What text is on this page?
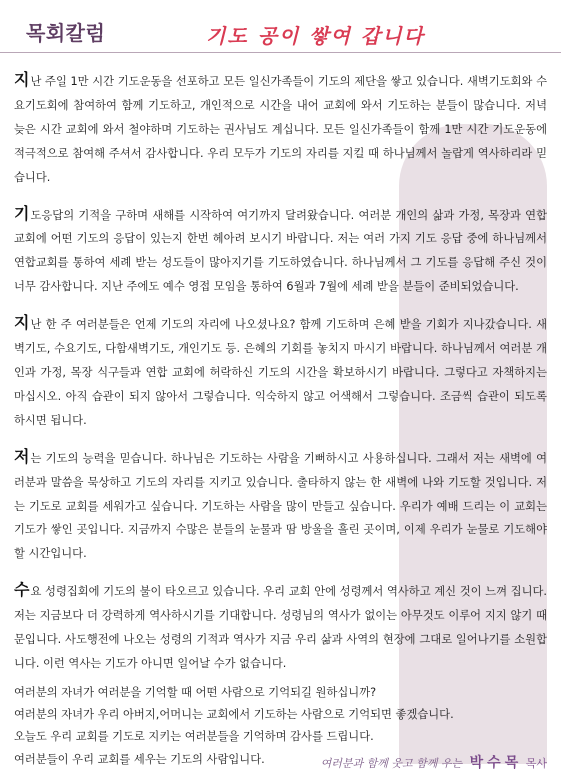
목회칼럼	기도 공이 쌓여 갑니다

지난 주일 1만 시간 기도운동을 선포하고 모든 일신가족들이 기도의 제단을 쌓고 있습니다. 새벽기도회와 수요기도회에 참여하여 함께 기도하고, 개인적으로 시간을 내어 교회에 와서 기도하는 분들이 많습니다. 저녁 늦은 시간 교회에 와서 철야하며 기도하는 권사님도 계십니다. 모든 일신가족들이 함께 1만 시간 기도운동에 적극적으로 참여해 주셔서 감사합니다. 우리 모두가 기도의 자리를 지킬 때 하나님께서 놀랍게 역사하리라 믿습니다.

기도응답의 기적을 구하며 새해를 시작하여 여기까지 달려왔습니다. 여러분 개인의 삶과 가정, 목장과 연합 교회에 어떤 기도의 응답이 있는지 한번 헤아려 보시기 바랍니다. 저는 여러 가지 기도 응답 중에 하나님께서 연합교회를 통하여 세례 받는 성도들이 많아지기를 기도하였습니다. 하나님께서 그 기도를 응답해 주신 것이 너무 감사합니다. 지난 주에도 예수 영접 모임을 통하여 6월과 7월에 세례 받을 분들이 준비되었습니다.

지난 한 주 여러분들은 언제 기도의 자리에 나오셨나요? 함께 기도하며 은혜 받을 기회가 지나갔습니다. 새벽기도, 수요기도, 다함새벽기도, 개인기도 등. 은혜의 기회를 놓치지 마시기 바랍니다. 하나님께서 여러분 개인과 가정, 목장 식구들과 연합 교회에 허락하신 기도의 시간을 확보하시기 바랍니다. 그렇다고 자책하지는 마십시오. 아직 습관이 되지 않아서 그렇습니다. 익숙하지 않고 어색해서 그렇습니다. 조금씩 습관이 되도록 하시면 됩니다.

저는 기도의 능력을 믿습니다. 하나님은 기도하는 사람을 기뻐하시고 사용하십니다. 그래서 저는 새벽에 여러분과 말씀을 묵상하고 기도의 자리를 지키고 있습니다. 출타하지 않는 한 새벽에 나와 기도할 것입니다. 저는 기도로 교회를 세워가고 싶습니다. 기도하는 사람을 많이 만들고 싶습니다. 우리가 예배 드리는 이 교회는 기도가 쌓인 곳입니다. 지금까지 수많은 분들의 눈물과 땀 방울을 흘린 곳이며, 이제 우리가 눈물로 기도해야 할 시간입니다.

수요 성령집회에 기도의 불이 타오르고 있습니다. 우리 교회 안에 성령께서 역사하고 계신 것이 느껴 집니다. 저는 지금보다 더 강력하게 역사하시기를 기대합니다. 성령님의 역사가 없이는 아무것도 이루어 지지 않기 때문입니다. 사도행전에 나오는 성령의 기적과 역사가 지금 우리 삶과 사역의 현장에 그대로 일어나기를 소원합니다. 이런 역사는 기도가 아니면 일어날 수가 없습니다.

여러분의 자녀가 여러분을 기억할 때 어떤 사람으로 기억되길 원하십니까?

여러분의 자녀가 우리 아버지,어머니는 교회에서 기도하는 사람으로 기억되면 좋겠습니다.

오늘도 우리 교회를 기도로 지키는 여러분들을 기억하며 감사를 드립니다.

여러분들이 우리 교회를 세우는 기도의 사람입니다.	여러분과 함께 웃고 함께 우는 박수목 목사
